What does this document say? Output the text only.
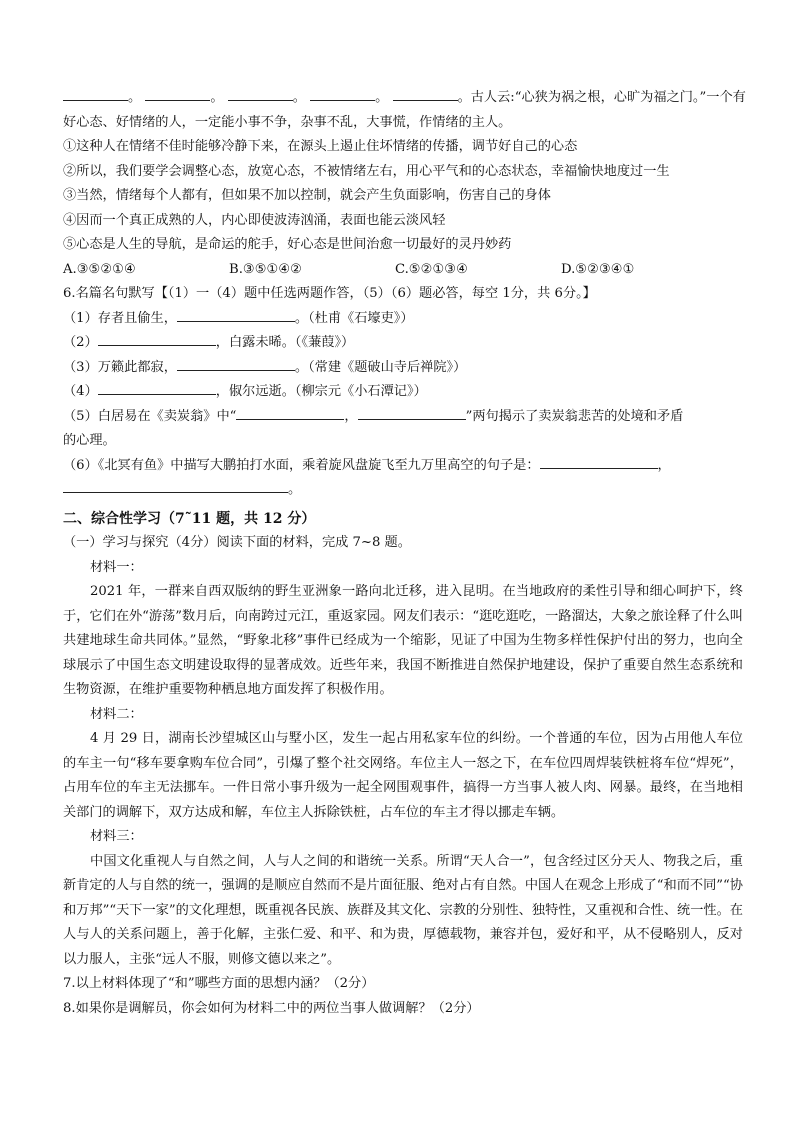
。	。	。	。	。古人云:“心狭为祸之根，心旷为福之门。”一个有
好心态、好情绪的人，一定能小事不争，杂事不乱，大事慌，作情绪的主人。
①这种人在情绪不佳时能够冷静下来，在源头上遏止住坏情绪的传播，调节好自己的心态
②所以，我们要学会调整心态，放宽心态，不被情绪左右，用心平气和的心态状态，幸福愉快地度过一生
③当然，情绪每个人都有，但如果不加以控制，就会产生负面影响，伤害自己的身体
④因而一个真正成熟的人，内心即使波涛汹涌，表面也能云淡风轻
⑤心态是人生的导航，是命运的舵手，好心态是世间治愈一切最好的灵丹妙药
A.③⑤②①④	B.③⑤①④②	C.⑤②①③④	D.⑤②③④①
6.名篇名句默写【（1）一（4）题中任选两题作答，（5）（6）题必答，每空 1分，共 6分。】
（1）存者且偷生，	。（杜甫《石壕吏》）
（2）	，白露未晞。（《蒹葭》）
（3）万籁此都寂，	。（常建《题破山寺后禅院》）
（4）	，俶尔远逝。（柳宗元《小石潭记》）
（5）白居易在《卖炭翁》中“	，	”两句揭示了卖炭翁悲苦的处境和矛盾
的心理。
（6）《北冥有鱼》中描写大鹏拍打水面，乘着旋风盘旋飞至九万里高空的句子是：	，
。
二、综合性学习（7˜11 题，共 12 分）
（一）学习与探究（4分）阅读下面的材料，完成 7~8 题。
材料一：
2021 年，一群来自西双版纳的野生亚洲象一路向北迁移，进入昆明。在当地政府的柔性引导和细心呵护下，终于，它们在外“游荡”数月后，向南跨过元江，重返家园。网友们表示：“逛吃逛吃，一路溜达，大象之旅诠释了什么叫共建地球生命共同体。”显然，“野象北移”事件已经成为一个缩影，见证了中国为生物多样性保护付出的努力，也向全球展示了中国生态文明建设取得的显著成效。近些年来，我国不断推进自然保护地建设，保护了重要自然生态系统和生物资源，在维护重要物种栖息地方面发挥了积极作用。
材料二：
4 月 29 日，湖南长沙望城区山与墅小区，发生一起占用私家车位的纠纷。一个普通的车位，因为占用他人车位的车主一句“移车要拿购车位合同”，引爆了整个社交网络。车位主人一怒之下，在车位四周焊装铁桩将车位“焊死”，占用车位的车主无法挪车。一件日常小事升级为一起全网围观事件，搞得一方当事人被人肉、网暴。最终，在当地相关部门的调解下，双方达成和解，车位主人拆除铁桩，占车位的车主才得以挪走车辆。
材料三：
中国文化重视人与自然之间，人与人之间的和谐统一关系。所谓“天人合一”，包含经过区分天人、物我之后，重新肯定的人与自然的统一，强调的是顺应自然而不是片面征服、绝对占有自然。中国人在观念上形成了“和而不同”“协和万邦”“天下一家”的文化理想，既重视各民族、族群及其文化、宗教的分别性、独特性，又重视和合性、统一性。在人与人的关系问题上，善于化解，主张仁爱、和平、和为贵，厚德载物，兼容并包，爱好和平，从不侵略别人，反对以力服人，主张“远人不服，则修文德以来之”。
7.以上材料体现了“和”哪些方面的思想内涵？（2分）
8.如果你是调解员，你会如何为材料二中的两位当事人做调解？（2分）
